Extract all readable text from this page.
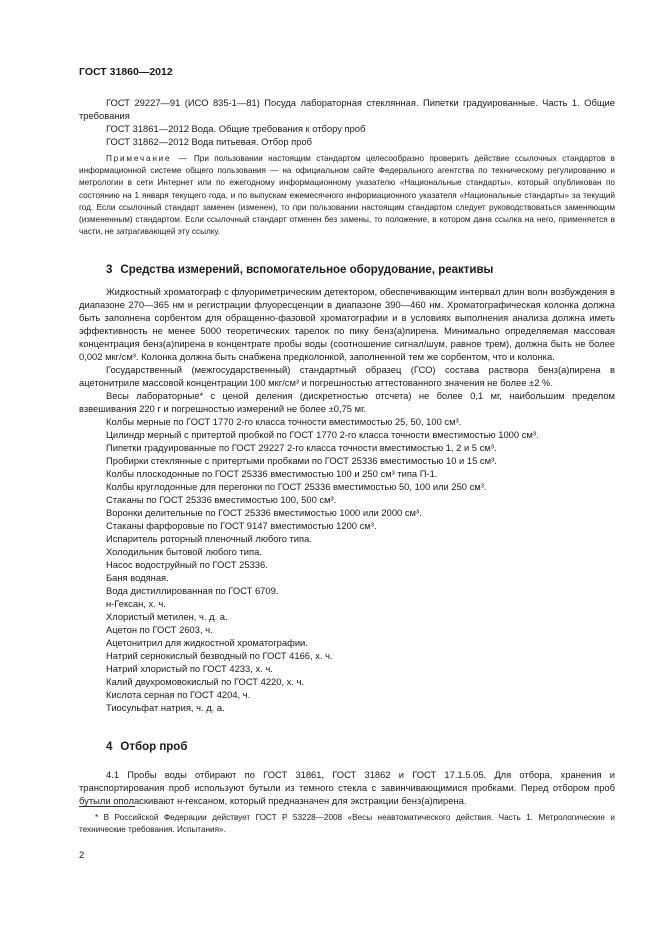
ГОСТ 31860—2012

ГОСТ 29227—91 (ИСО 835-1—81) Посуда лабораторная стеклянная. Пипетки градуированные. Часть 1. Общие требования

ГОСТ 31861—2012 Вода. Общие требования к отбору проб

ГОСТ 31862—2012 Вода питьевая. Отбор проб

Примечание — При пользовании настоящим стандартом целесообразно проверить действие ссылочных стандартов в информационной системе общего пользования — на официальном сайте Федерального агентства по техническому регулированию и метрологии в сети Интернет или по ежегодному информационному указателю «Национальные стандарты», который опубликован по состоянию на 1 января текущего года, и по выпускам ежемесячного информационного указателя «Национальные стандарты» за текущий год. Если ссылочный стандарт заменен (изменен), то при пользовании настоящим стандартом следует руководствоваться заменяющим (измененным) стандартом. Если ссылочный стандарт отменен без замены, то положение, в котором дана ссылка на него, применяется в части, не затрагивающей эту ссылку.

3 Средства измерений, вспомогательное оборудование, реактивы

Жидкостный хроматограф с флуориметрическим детектором, обеспечивающим интервал длин волн возбуждения в диапазоне 270—365 нм и регистрации флуоресценции в диапазоне 390—460 нм. Хроматографическая колонка должна быть заполнена сорбентом для обращенно-фазовой хроматографии и в условиях выполнения анализа должна иметь эффективность не менее 5000 теоретических тарелок по пику бенз(а)пирена. Минимально определяемая массовая концентрация бенз(а)пирена в концентрате пробы воды (соотношение сигнал/шум, равное трем), должна быть не более 0,002 мкг/см³. Колонка должна быть снабжена предколонкой, заполненной тем же сорбентом, что и колонка.

Государственный (межгосударственный) стандартный образец (ГСО) состава раствора бенз(а)пирена в ацетонитриле массовой концентрации 100 мкг/см³ и погрешностью аттестованного значения не более ±2 %.

Весы лабораторные* с ценой деления (дискретностью отсчета) не более 0,1 мг, наибольшим пределом взвешивания 220 г и погрешностью измерений не более ±0,75 мг.

Колбы мерные по ГОСТ 1770 2-го класса точности вместимостью 25, 50, 100 см³.

Цилиндр мерный с притертой пробкой по ГОСТ 1770 2-го класса точности вместимостью 1000 см³.

Пипетки градуированные по ГОСТ 29227 2-го класса точности вместимостью 1, 2 и 5 см³.

Пробирки стеклянные с притертыми пробками по ГОСТ 25336 вместимостью 10 и 15 см³.

Колбы плоскодонные по ГОСТ 25336 вместимостью 100 и 250 см³ типа П-1.

Колбы круглодонные для перегонки по ГОСТ 25336 вместимостью 50, 100 или 250 см³.

Стаканы по ГОСТ 25336 вместимостью 100, 500 см³.

Воронки делительные по ГОСТ 25336 вместимостью 1000 или 2000 см³.

Стаканы фарфоровые по ГОСТ 9147 вместимостью 1200 см³.

Испаритель роторный пленочный любого типа.

Холодильник бытовой любого типа.

Насос водоструйный по ГОСТ 25336.

Баня водяная.

Вода дистиллированная по ГОСТ 6709.

н-Гексан, х. ч.

Хлористый метилен, ч. д. а.

Ацетон по ГОСТ 2603, ч.

Ацетонитрил для жидкостной хроматографии.

Натрий сернокислый безводный по ГОСТ 4166, х. ч.

Натрий хлористый по ГОСТ 4233, х. ч.

Калий двухромовокислый по ГОСТ 4220, х. ч.

Кислота серная по ГОСТ 4204, ч.

Тиосульфат натрия, ч. д. а.

4 Отбор проб

4.1 Пробы воды отбирают по ГОСТ 31861, ГОСТ 31862 и ГОСТ 17.1.5.05. Для отбора, хранения и транспортирования проб используют бутыли из темного стекла с завинчивающимися пробками. Перед отбором проб бутыли ополаскивают н-гексаном, который предназначен для экстракции бенз(а)пирена.

* В Российской Федерации действует ГОСТ Р 53228—2008 «Весы неавтоматического действия. Часть 1. Метрологические и технические требования. Испытания».

2
